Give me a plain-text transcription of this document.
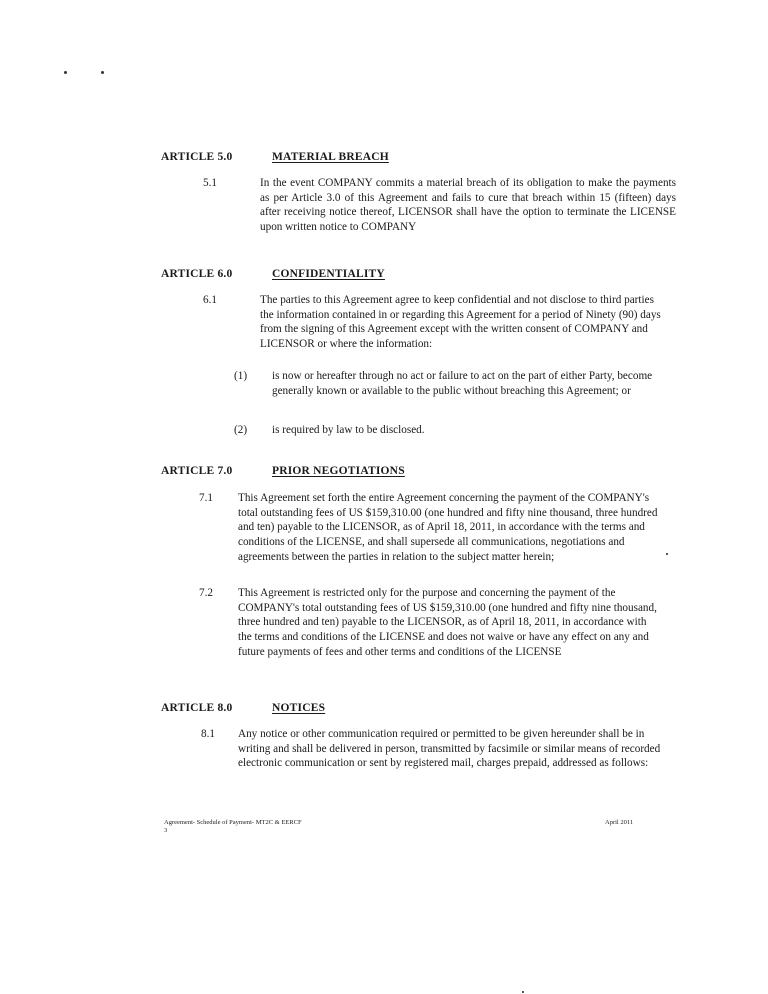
ARTICLE 5.0	MATERIAL BREACH
5.1	In the event COMPANY commits a material breach of its obligation to make the payments as per Article 3.0 of this Agreement and fails to cure that breach within 15 (fifteen) days after receiving notice thereof, LICENSOR shall have the option to terminate the LICENSE upon written notice to COMPANY
ARTICLE 6.0	CONFIDENTIALITY
6.1	The parties to this Agreement agree to keep confidential and not disclose to third parties the information contained in or regarding this Agreement for a period of Ninety (90) days from the signing of this Agreement except with the written consent of COMPANY and LICENSOR or where the information:
(1) is now or hereafter through no act or failure to act on the part of either Party, become generally known or available to the public without breaching this Agreement; or
(2) is required by law to be disclosed.
ARTICLE 7.0	PRIOR NEGOTIATIONS
7.1 This Agreement set forth the entire Agreement concerning the payment of the COMPANY's total outstanding fees of US $159,310.00 (one hundred and fifty nine thousand, three hundred and ten) payable to the LICENSOR, as of April 18, 2011, in accordance with the terms and conditions of the LICENSE, and shall supersede all communications, negotiations and agreements between the parties in relation to the subject matter herein;
7.2 This Agreement is restricted only for the purpose and concerning the payment of the COMPANY's total outstanding fees of US $159,310.00 (one hundred and fifty nine thousand, three hundred and ten) payable to the LICENSOR, as of April 18, 2011, in accordance with the terms and conditions of the LICENSE and does not waive or have any effect on any and future payments of fees and other terms and conditions of the LICENSE
ARTICLE 8.0	NOTICES
8.1 Any notice or other communication required or permitted to be given hereunder shall be in writing and shall be delivered in person, transmitted by facsimile or similar means of recorded electronic communication or sent by registered mail, charges prepaid, addressed as follows:
Agreement- Schedule of Payment- MT2C & EERCF
3
April 2011
